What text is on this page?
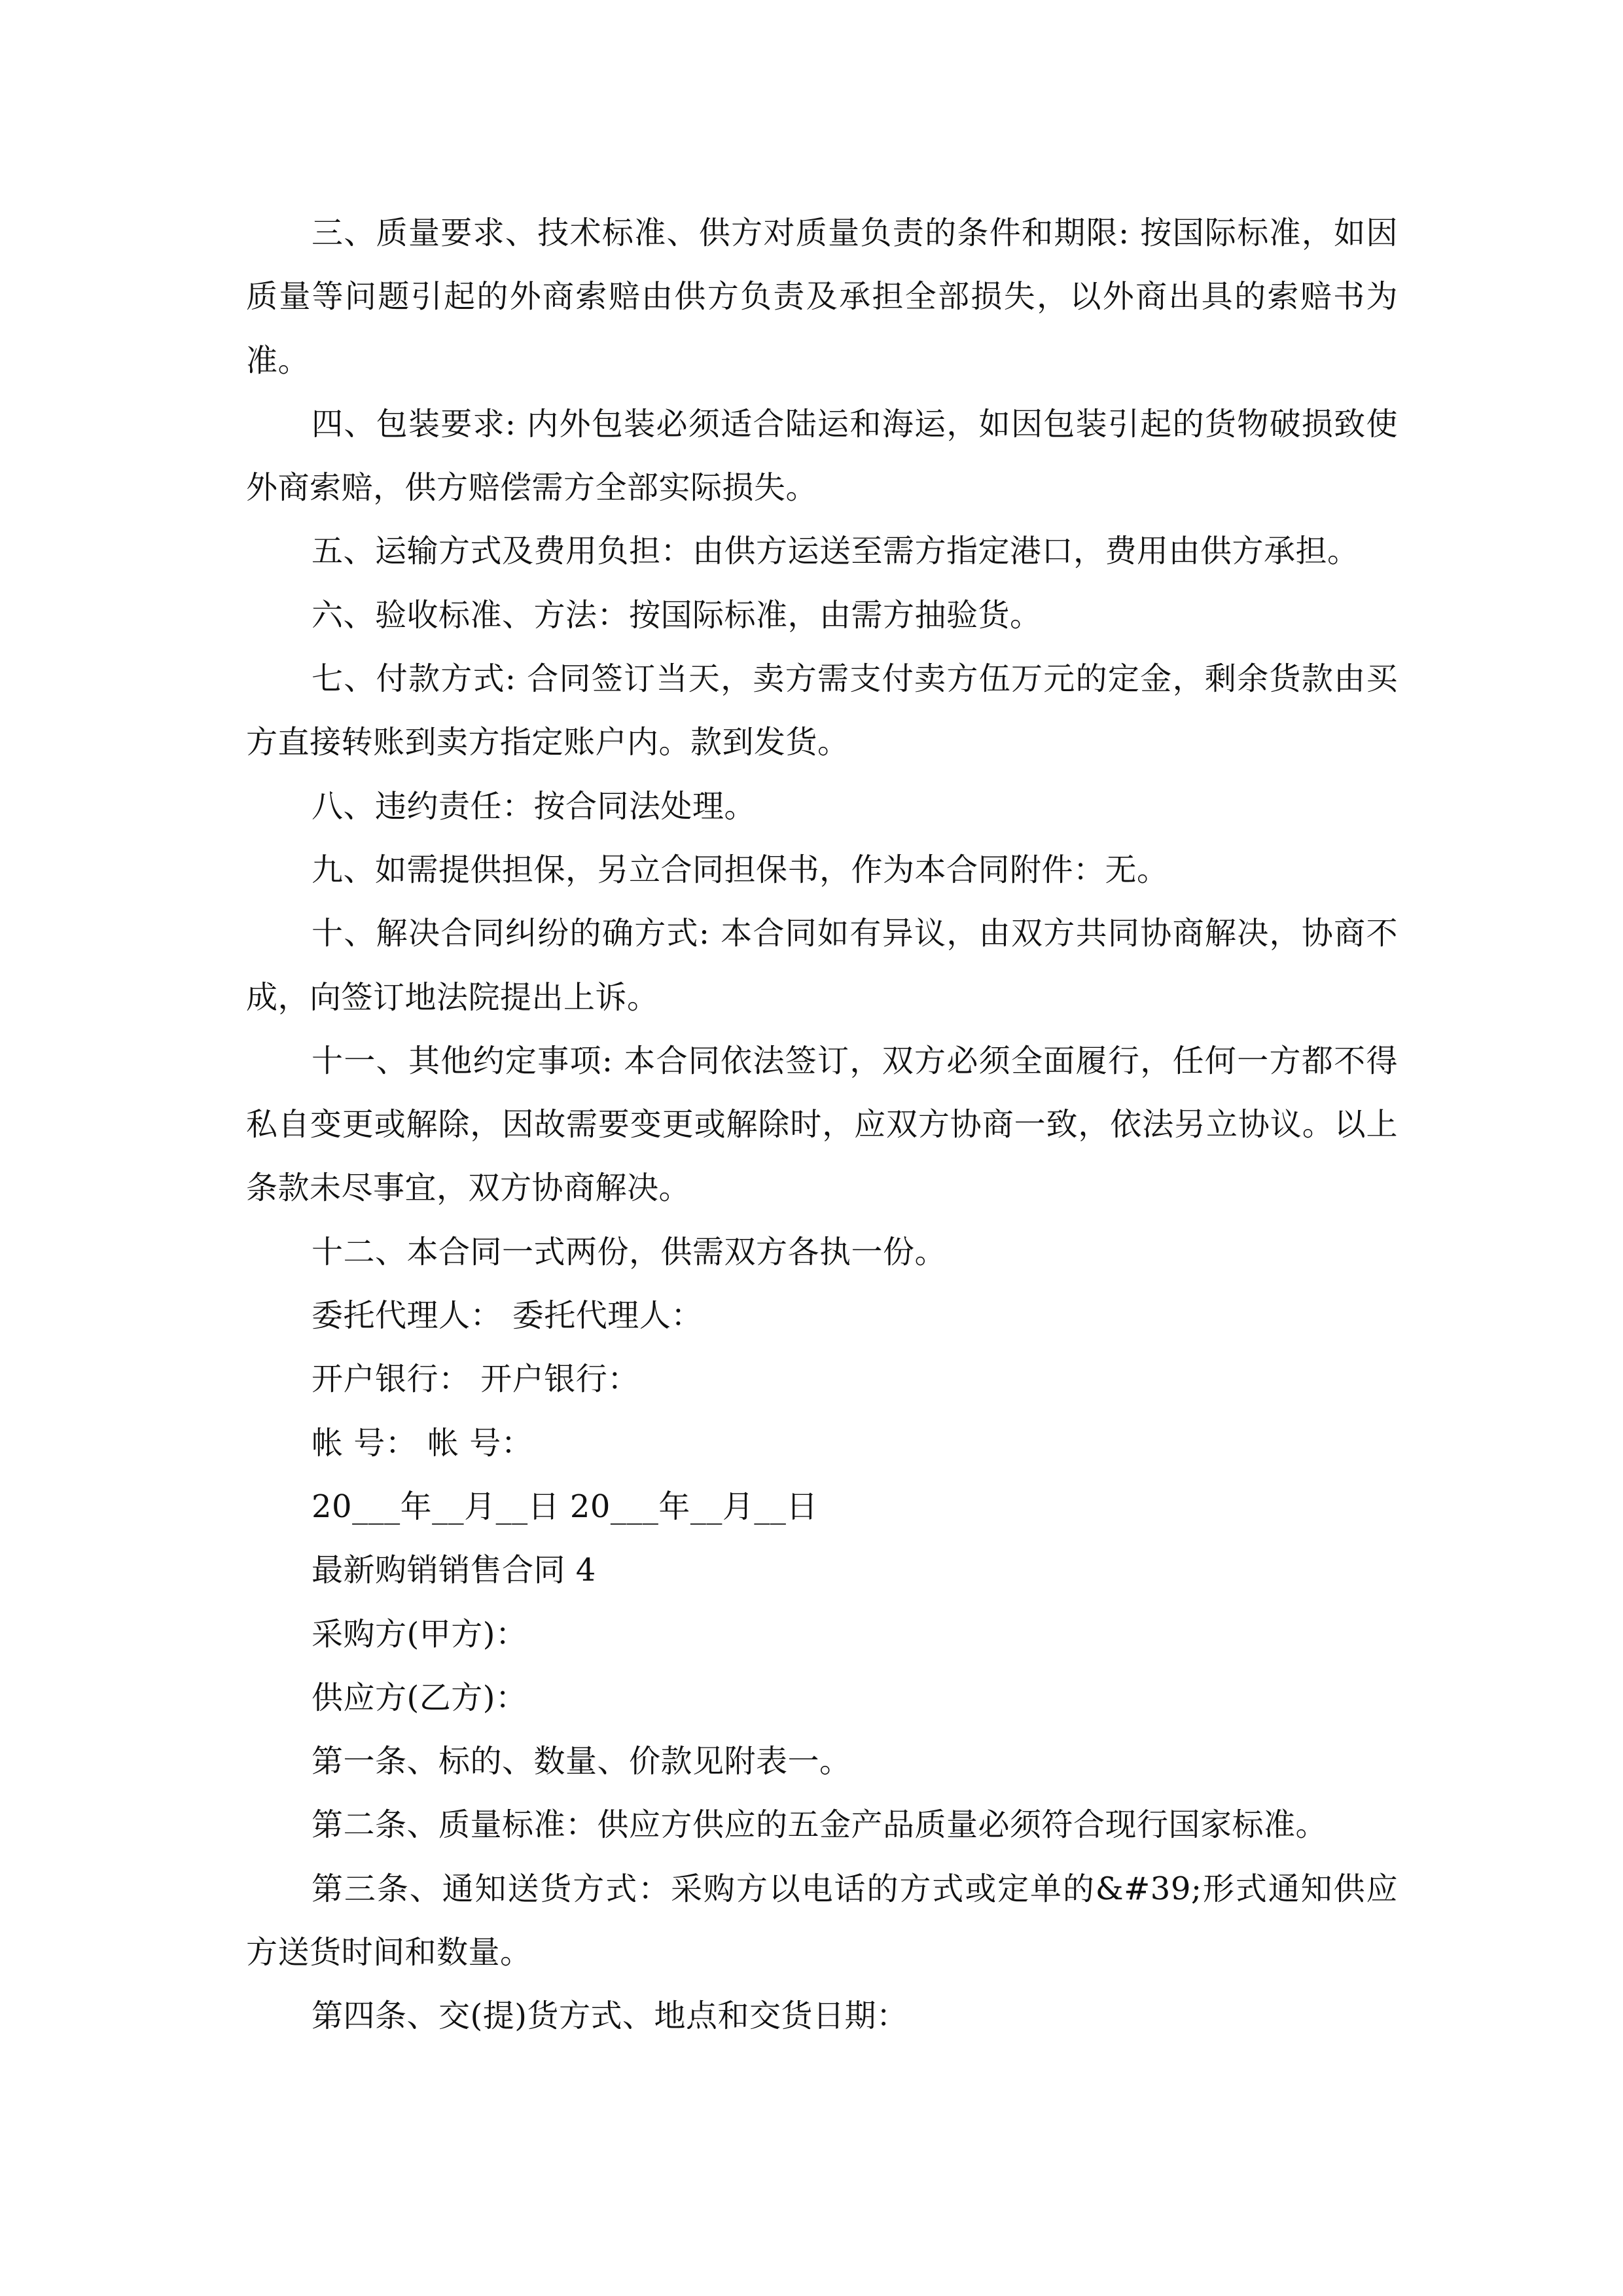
三、质量要求、技术标准、供方对质量负责的条件和期限: 按国际标准，如因质量等问题引起的外商索赔由供方负责及承担全部损失，以外商出具的索赔书为准。

四、包装要求: 内外包装必须适合陆运和海运，如因包装引起的货物破损致使外商索赔，供方赔偿需方全部实际损失。

五、运输方式及费用负担：由供方运送至需方指定港口，费用由供方承担。

六、验收标准、方法：按国际标准，由需方抽验货。

七、付款方式: 合同签订当天，卖方需支付卖方伍万元的定金，剩余货款由买方直接转账到卖方指定账户内。款到发货。

八、违约责任：按合同法处理。

九、如需提供担保，另立合同担保书，作为本合同附件：无。

十、解决合同纠纷的确方式: 本合同如有异议，由双方共同协商解决，协商不成，向签订地法院提出上诉。

十一、其他约定事项: 本合同依法签订，双方必须全面履行，任何一方都不得私自变更或解除，因故需要变更或解除时，应双方协商一致，依法另立协议。以上条款未尽事宜，双方协商解决。

十二、本合同一式两份，供需双方各执一份。

委托代理人： 委托代理人：

开户银行： 开户银行：

帐 号： 帐 号：

20___年__月__日 20___年__月__日

最新购销销售合同 4

采购方(甲方)：

供应方(乙方)：

第一条、标的、数量、价款见附表一。

第二条、质量标准：供应方供应的五金产品质量必须符合现行国家标准。

第三条、通知送货方式：采购方以电话的方式或定单的&#39;形式通知供应方送货时间和数量。

第四条、交(提)货方式、地点和交货日期：
